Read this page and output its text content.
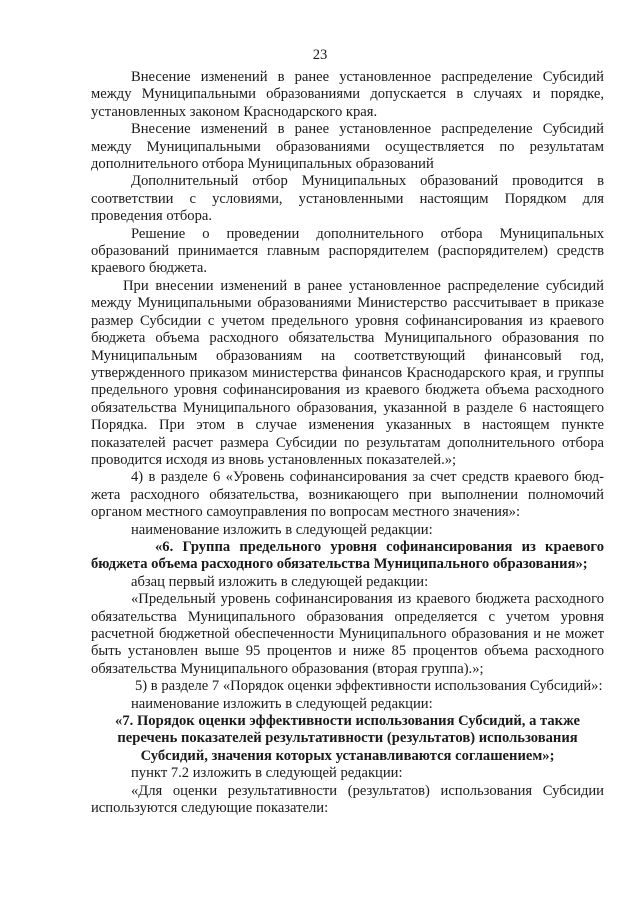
23

Внесение изменений в ранее установленное распределение Субсидий между Муниципальными образованиями допускается в случаях и порядке, установленных законом Краснодарского края.

Внесение изменений в ранее установленное распределение Субсидий между Муниципальными образованиями осуществляется по результатам дополнительного отбора Муниципальных образований

Дополнительный отбор Муниципальных образований проводится в соответствии с условиями, установленными настоящим Порядком для проведения отбора.

Решение о проведении дополнительного отбора Муниципальных образований принимается главным распорядителем (распорядителем) средств краевого бюджета.

При внесении изменений в ранее установленное распределение субсидий между Муниципальными образованиями Министерство рассчитывает в приказе размер Субсидии с учетом предельного уровня софинансирования из краевого бюджета объема расходного обязательства Муниципального образования по Муниципальным образованиям на соответствующий финансовый год, утвержденного приказом министерства финансов Краснодарского края, и группы предельного уровня софинансирования из краевого бюджета объема расходного обязательства Муниципального образования, указанной в разделе 6 настоящего Порядка. При этом в случае изменения указанных в настоящем пункте показателей расчет размера Субсидии по результатам дополнительного отбора проводится исходя из вновь установленных показателей.»;

4) в разделе 6 «Уровень софинансирования за счет средств краевого бюджета расходного обязательства, возникающего при выполнении полномочий органом местного самоуправления по вопросам местного значения»:

наименование изложить в следующей редакции:

«6. Группа предельного уровня софинансирования из краевого бюджета объема расходного обязательства Муниципального образования»;

абзац первый изложить в следующей редакции:

«Предельный уровень софинансирования из краевого бюджета расходного обязательства Муниципального образования определяется с учетом уровня расчетной бюджетной обеспеченности Муниципального образования и не может быть установлен выше 95 процентов и ниже 85 процентов объема расходного обязательства Муниципального образования (вторая группа).»;

5) в разделе 7 «Порядок оценки эффективности использования Субсидий»:

наименование изложить в следующей редакции:

«7. Порядок оценки эффективности использования Субсидий, а также перечень показателей результативности (результатов) использования Субсидий, значения которых устанавливаются соглашением»;

пункт 7.2 изложить в следующей редакции:

«Для оценки результативности (результатов) использования Субсидии используются следующие показатели:
